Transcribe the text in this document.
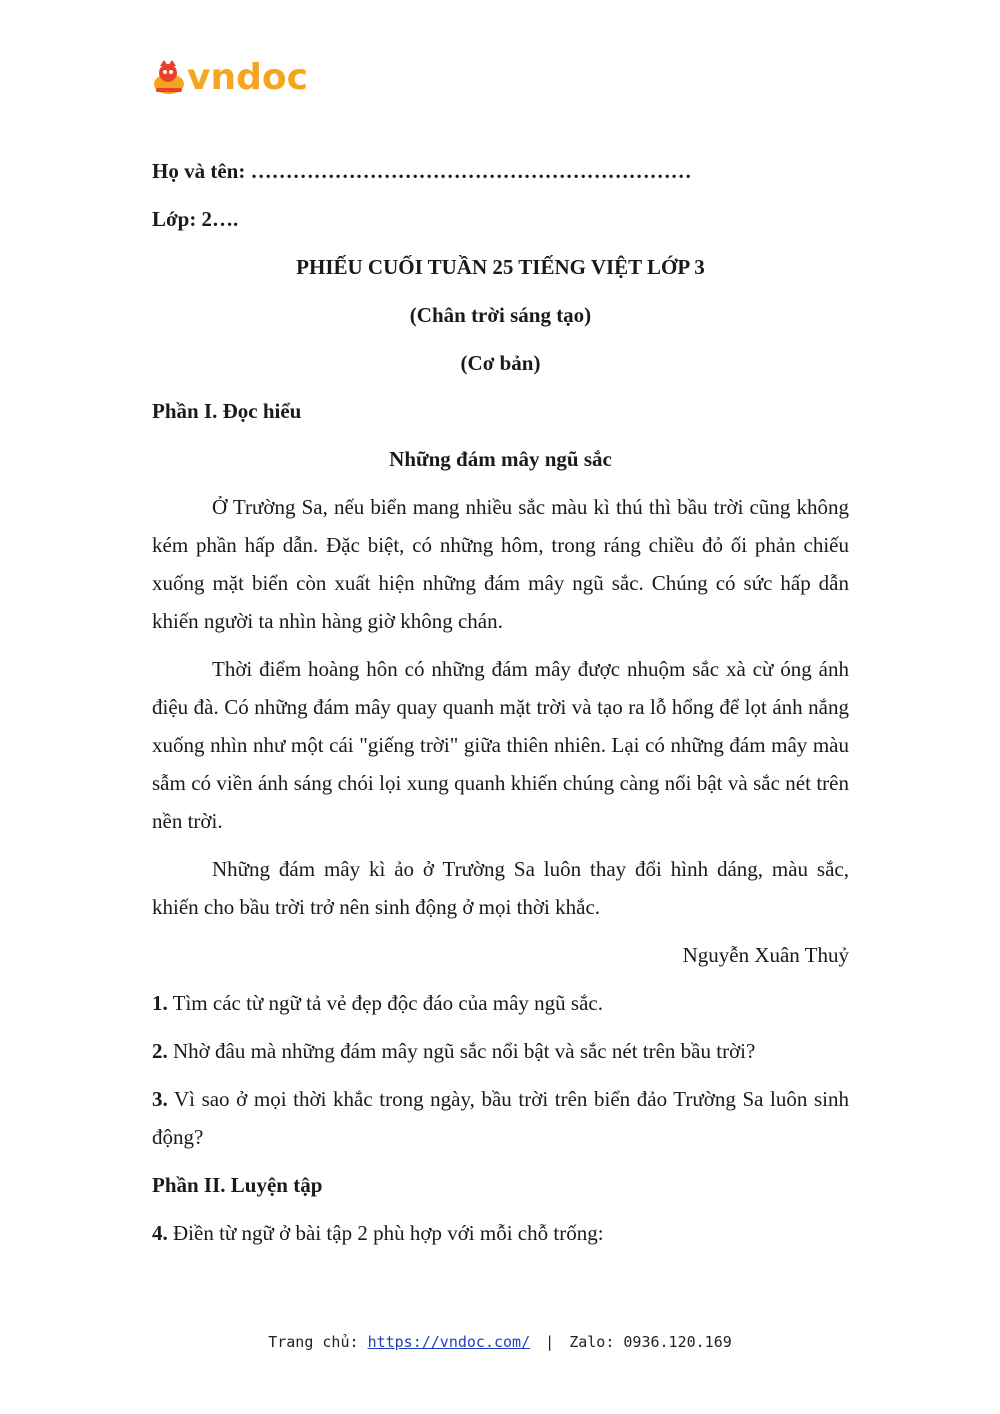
vndoc

Họ và tên: ………………………………………………………

Lớp: 2….

PHIẾU CUỐI TUẦN 25 TIẾNG VIỆT LỚP 3

(Chân trời sáng tạo)

(Cơ bản)

Phần I. Đọc hiểu

Những đám mây ngũ sắc

Ở Trường Sa, nếu biển mang nhiều sắc màu kì thú thì bầu trời cũng không kém phần hấp dẫn. Đặc biệt, có những hôm, trong ráng chiều đỏ ối phản chiếu xuống mặt biển còn xuất hiện những đám mây ngũ sắc. Chúng có sức hấp dẫn khiến người ta nhìn hàng giờ không chán.

Thời điểm hoàng hôn có những đám mây được nhuộm sắc xà cừ óng ánh điệu đà. Có những đám mây quay quanh mặt trời và tạo ra lỗ hổng để lọt ánh nắng xuống nhìn như một cái "giếng trời" giữa thiên nhiên. Lại có những đám mây màu sẫm có viền ánh sáng chói lọi xung quanh khiến chúng càng nổi bật và sắc nét trên nền trời.

Những đám mây kì ảo ở Trường Sa luôn thay đổi hình dáng, màu sắc, khiến cho bầu trời trở nên sinh động ở mọi thời khắc.

Nguyễn Xuân Thuỷ

1. Tìm các từ ngữ tả vẻ đẹp độc đáo của mây ngũ sắc.

2. Nhờ đâu mà những đám mây ngũ sắc nổi bật và sắc nét trên bầu trời?

3. Vì sao ở mọi thời khắc trong ngày, bầu trời trên biển đảo Trường Sa luôn sinh động?

Phần II. Luyện tập

4. Điền từ ngữ ở bài tập 2 phù hợp với mỗi chỗ trống:

Trang chủ: https://vndoc.com/ | Zalo: 0936.120.169
